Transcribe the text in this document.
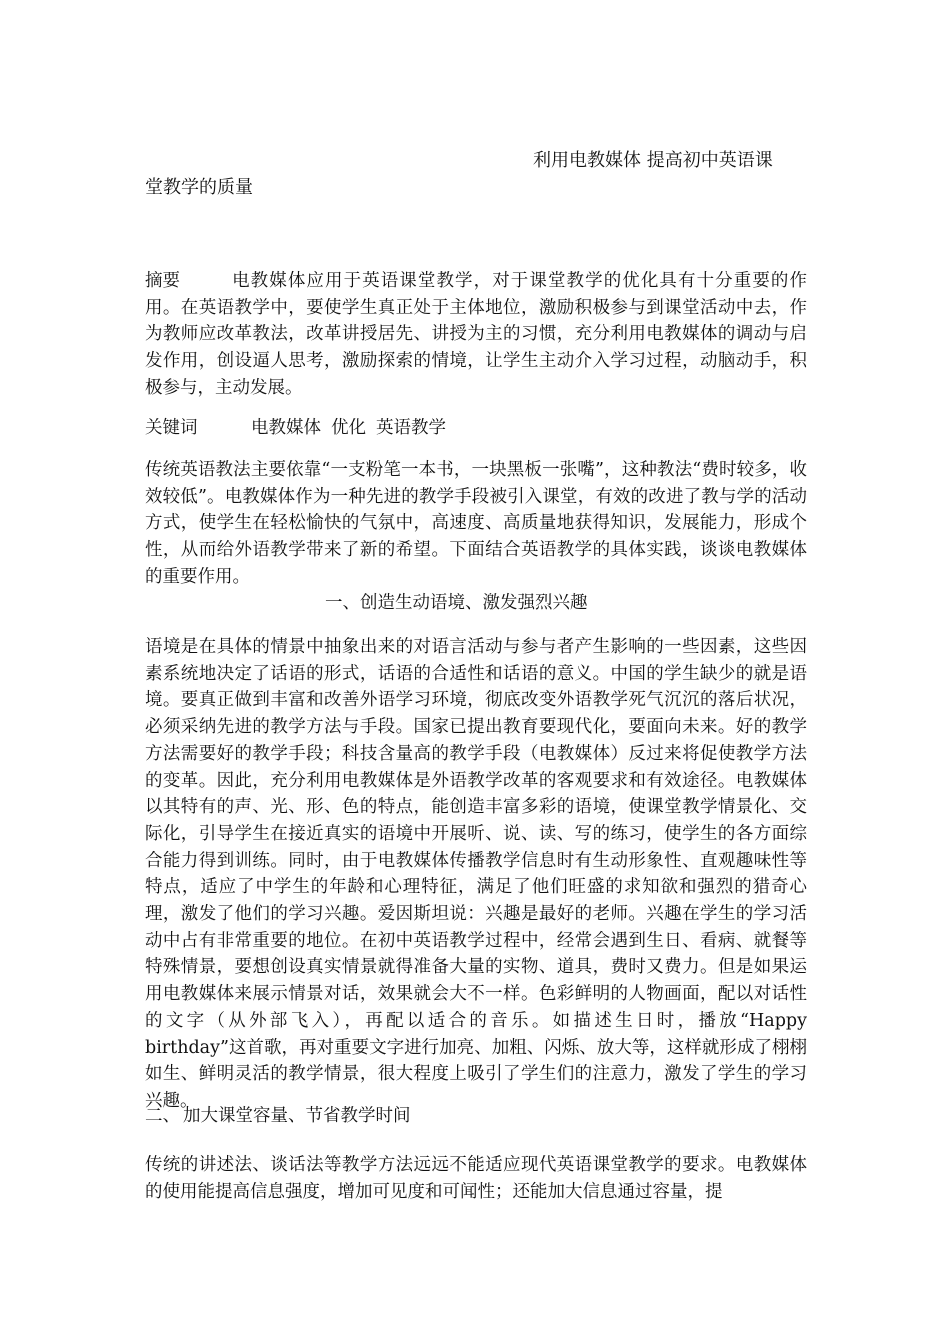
利用电教媒体 提高初中英语课
堂教学的质量
摘要	电教媒体应用于英语课堂教学，对于课堂教学的优化具有十分重要的作用。在英语教学中，要使学生真正处于主体地位，激励积极参与到课堂活动中去，作为教师应改革教法，改革讲授居先、讲授为主的习惯，充分利用电教媒体的调动与启发作用，创设逼人思考，激励探索的情境，让学生主动介入学习过程，动脑动手，积极参与，主动发展。
关键词	电教媒体 优化 英语教学
传统英语教法主要依靠“一支粉笔一本书，一块黑板一张嘴”，这种教法“费时较多，收效较低”。电教媒体作为一种先进的教学手段被引入课堂，有效的改进了教与学的活动方式，使学生在轻松愉快的气氛中，高速度、高质量地获得知识，发展能力，形成个性，从而给外语教学带来了新的希望。下面结合英语教学的具体实践，谈谈电教媒体的重要作用。
一、创造生动语境、激发强烈兴趣
语境是在具体的情景中抽象出来的对语言活动与参与者产生影响的一些因素，这些因素系统地决定了话语的形式，话语的合适性和话语的意义。中国的学生缺少的就是语境。要真正做到丰富和改善外语学习环境，彻底改变外语教学死气沉沉的落后状况，必须采纳先进的教学方法与手段。国家已提出教育要现代化，要面向未来。好的教学方法需要好的教学手段；科技含量高的教学手段（电教媒体）反过来将促使教学方法的变革。因此，充分利用电教媒体是外语教学改革的客观要求和有效途径。电教媒体以其特有的声、光、形、色的特点，能创造丰富多彩的语境，使课堂教学情景化、交际化，引导学生在接近真实的语境中开展听、说、读、写的练习，使学生的各方面综合能力得到训练。同时，由于电教媒体传播教学信息时有生动形象性、直观趣味性等特点，适应了中学生的年龄和心理特征，满足了他们旺盛的求知欲和强烈的猎奇心理，激发了他们的学习兴趣。爱因斯坦说：兴趣是最好的老师。兴趣在学生的学习活动中占有非常重要的地位。在初中英语教学过程中，经常会遇到生日、看病、就餐等特殊情景，要想创设真实情景就得准备大量的实物、道具，费时又费力。但是如果运用电教媒体来展示情景对话，效果就会大不一样。色彩鲜明的人物画面，配以对话性的文字（从外部飞入），再配以适合的音乐。如描述生日时，播放“Happy birthday”这首歌，再对重要文字进行加亮、加粗、闪烁、放大等，这样就形成了栩栩如生、鲜明灵活的教学情景，很大程度上吸引了学生们的注意力，激发了学生的学习兴趣。
二、 加大课堂容量、节省教学时间
传统的讲述法、谈话法等教学方法远远不能适应现代英语课堂教学的要求。电教媒体的使用能提高信息强度，增加可见度和可闻性；还能加大信息通过容量，提
